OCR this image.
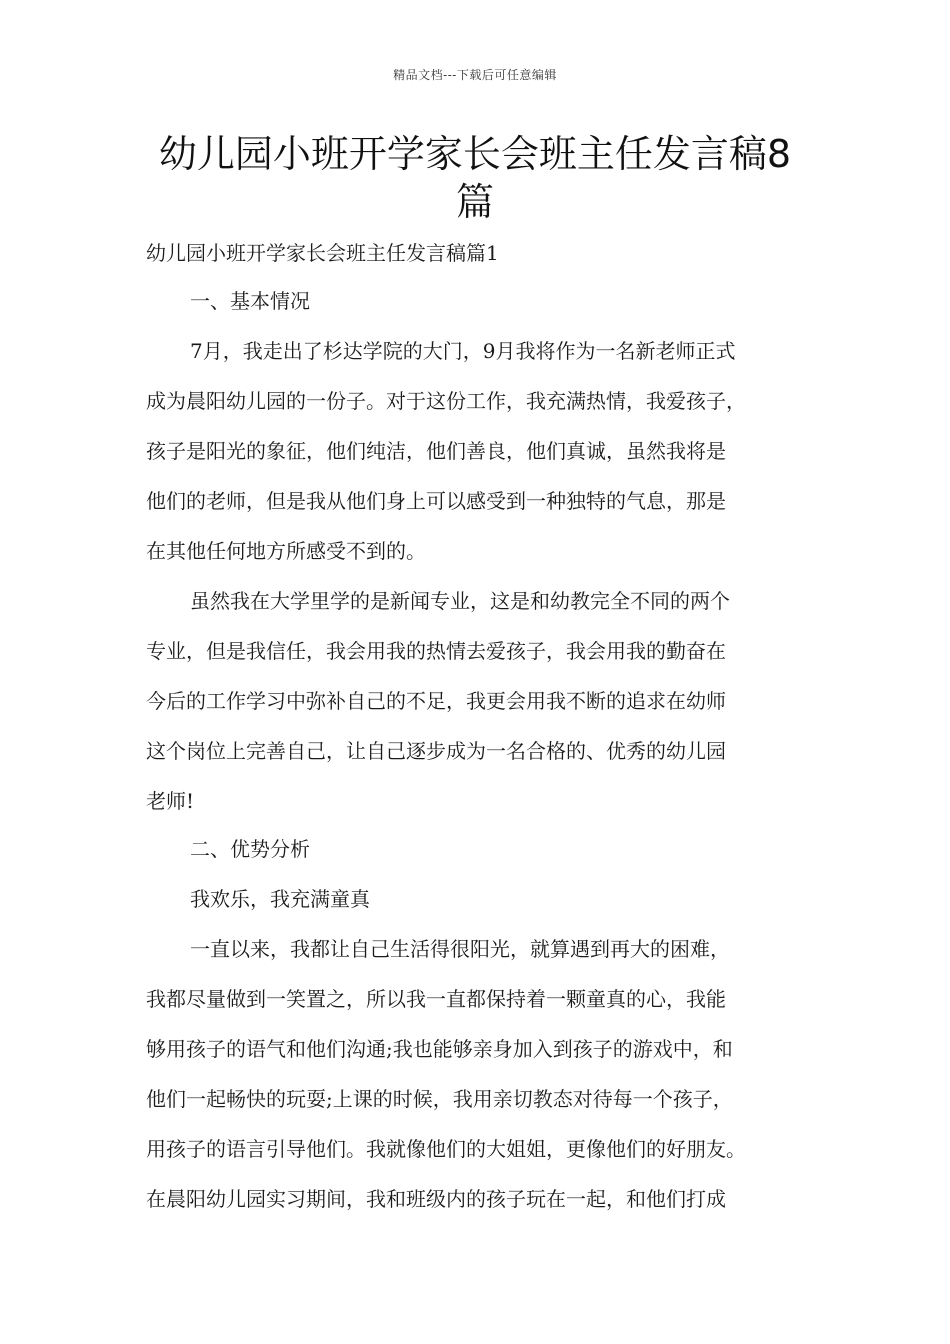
精品文档---下载后可任意编辑
幼儿园小班开学家长会班主任发言稿8篇
幼儿园小班开学家长会班主任发言稿篇1
一、基本情况
7月，我走出了杉达学院的大门，9月我将作为一名新老师正式
成为晨阳幼儿园的一份子。对于这份工作，我充满热情，我爱孩子，
孩子是阳光的象征，他们纯洁，他们善良，他们真诚，虽然我将是
他们的老师，但是我从他们身上可以感受到一种独特的气息，那是
在其他任何地方所感受不到的。
虽然我在大学里学的是新闻专业，这是和幼教完全不同的两个
专业，但是我信任，我会用我的热情去爱孩子，我会用我的勤奋在
今后的工作学习中弥补自己的不足，我更会用我不断的追求在幼师
这个岗位上完善自己，让自己逐步成为一名合格的、优秀的幼儿园
老师!
二、优势分析
我欢乐，我充满童真
一直以来，我都让自己生活得很阳光，就算遇到再大的困难，
我都尽量做到一笑置之，所以我一直都保持着一颗童真的心，我能
够用孩子的语气和他们沟通;我也能够亲身加入到孩子的游戏中，和
他们一起畅快的玩耍;上课的时候，我用亲切教态对待每一个孩子，
用孩子的语言引导他们。我就像他们的大姐姐，更像他们的好朋友。
在晨阳幼儿园实习期间，我和班级内的孩子玩在一起，和他们打成
